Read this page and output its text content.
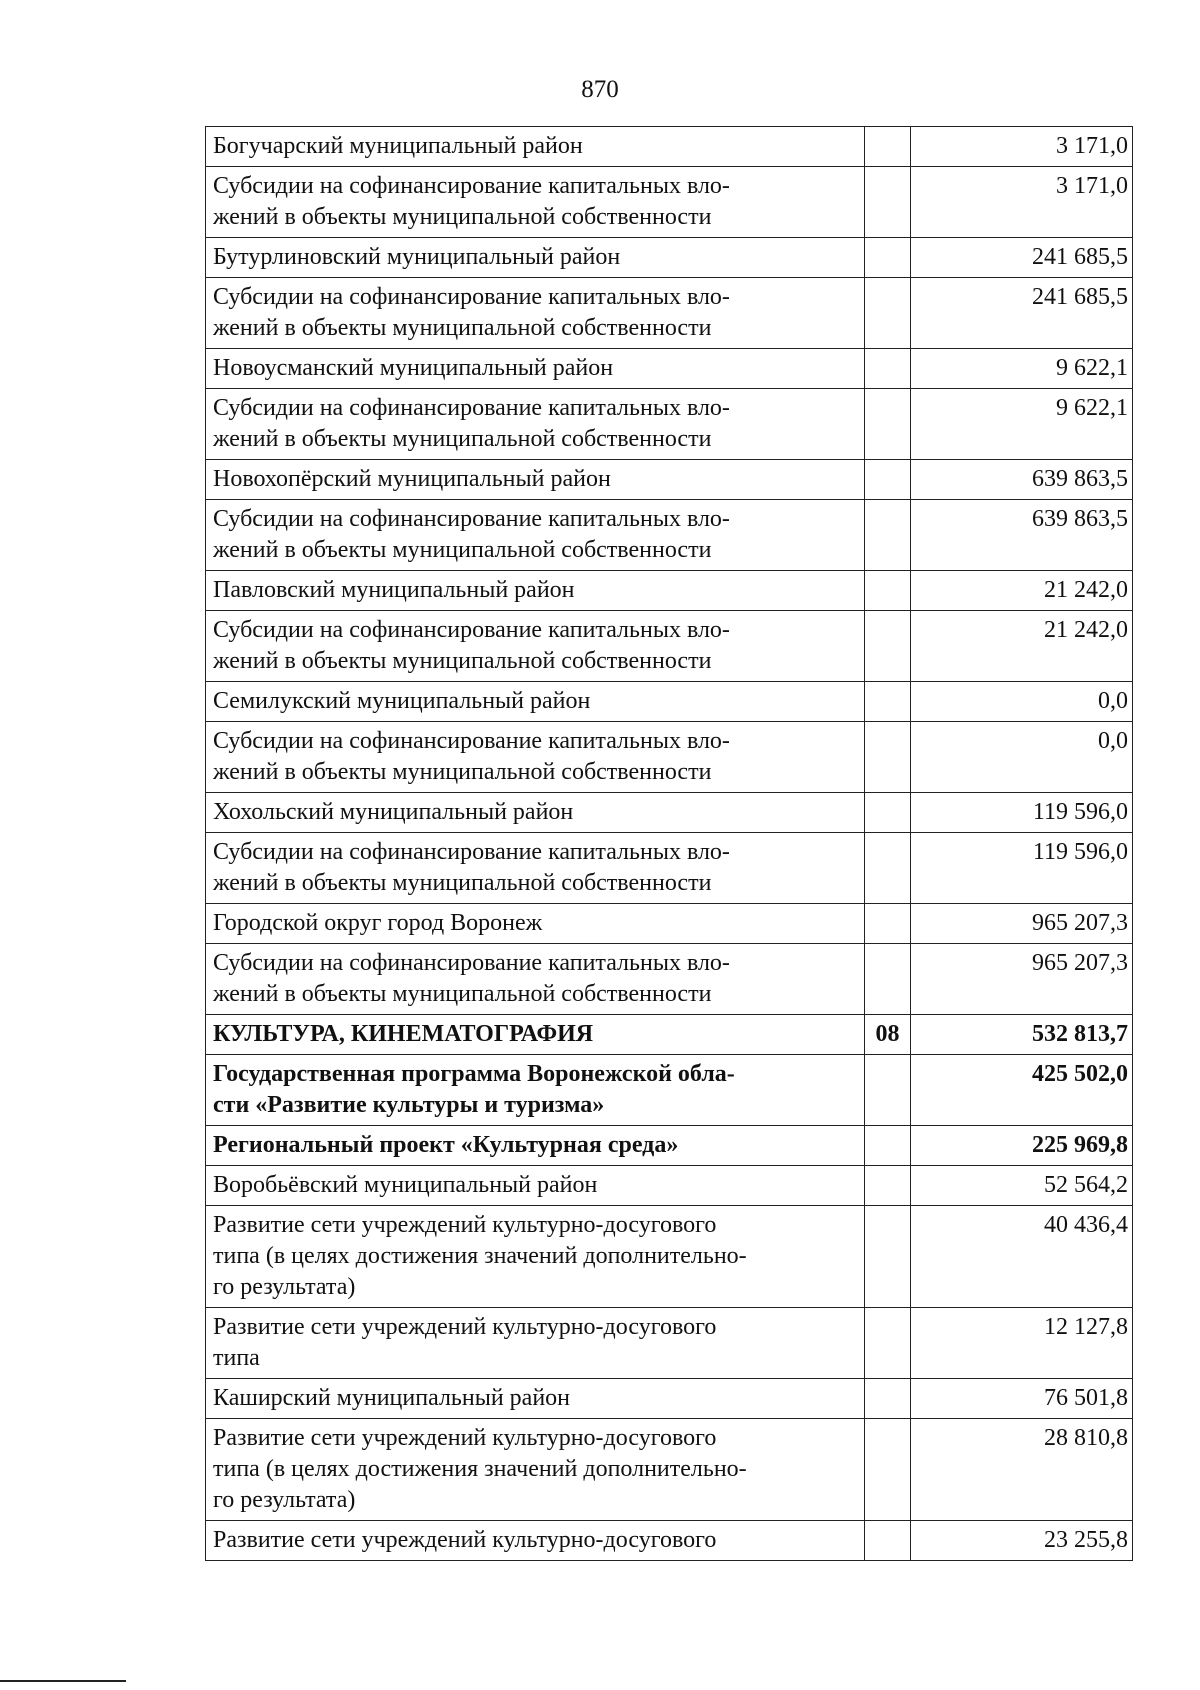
870
Богучарский муниципальный район		3 171,0
Субсидии на софинансирование капитальных вло-
жений в объекты муниципальной собственности		3 171,0
Бутурлиновский муниципальный район		241 685,5
Субсидии на софинансирование капитальных вло-
жений в объекты муниципальной собственности		241 685,5
Новоусманский муниципальный район		9 622,1
Субсидии на софинансирование капитальных вло-
жений в объекты муниципальной собственности		9 622,1
Новохопёрский муниципальный район		639 863,5
Субсидии на софинансирование капитальных вло-
жений в объекты муниципальной собственности		639 863,5
Павловский муниципальный район		21 242,0
Субсидии на софинансирование капитальных вло-
жений в объекты муниципальной собственности		21 242,0
Семилукский муниципальный район		0,0
Субсидии на софинансирование капитальных вло-
жений в объекты муниципальной собственности		0,0
Хохольский муниципальный район		119 596,0
Субсидии на софинансирование капитальных вло-
жений в объекты муниципальной собственности		119 596,0
Городской округ город Воронеж		965 207,3
Субсидии на софинансирование капитальных вло-
жений в объекты муниципальной собственности		965 207,3
КУЛЬТУРА, КИНЕМАТОГРАФИЯ	08	532 813,7
Государственная программа Воронежской обла-
сти «Развитие культуры и туризма»		425 502,0
Региональный проект «Культурная среда»		225 969,8
Воробьёвский муниципальный район		52 564,2
Развитие сети учреждений культурно-досугового
типа (в целях достижения значений дополнительно-
го результата)		40 436,4
Развитие сети учреждений культурно-досугового
типа		12 127,8
Каширский муниципальный район		76 501,8
Развитие сети учреждений культурно-досугового
типа (в целях достижения значений дополнительно-
го результата)		28 810,8
Развитие сети учреждений культурно-досугового		23 255,8
